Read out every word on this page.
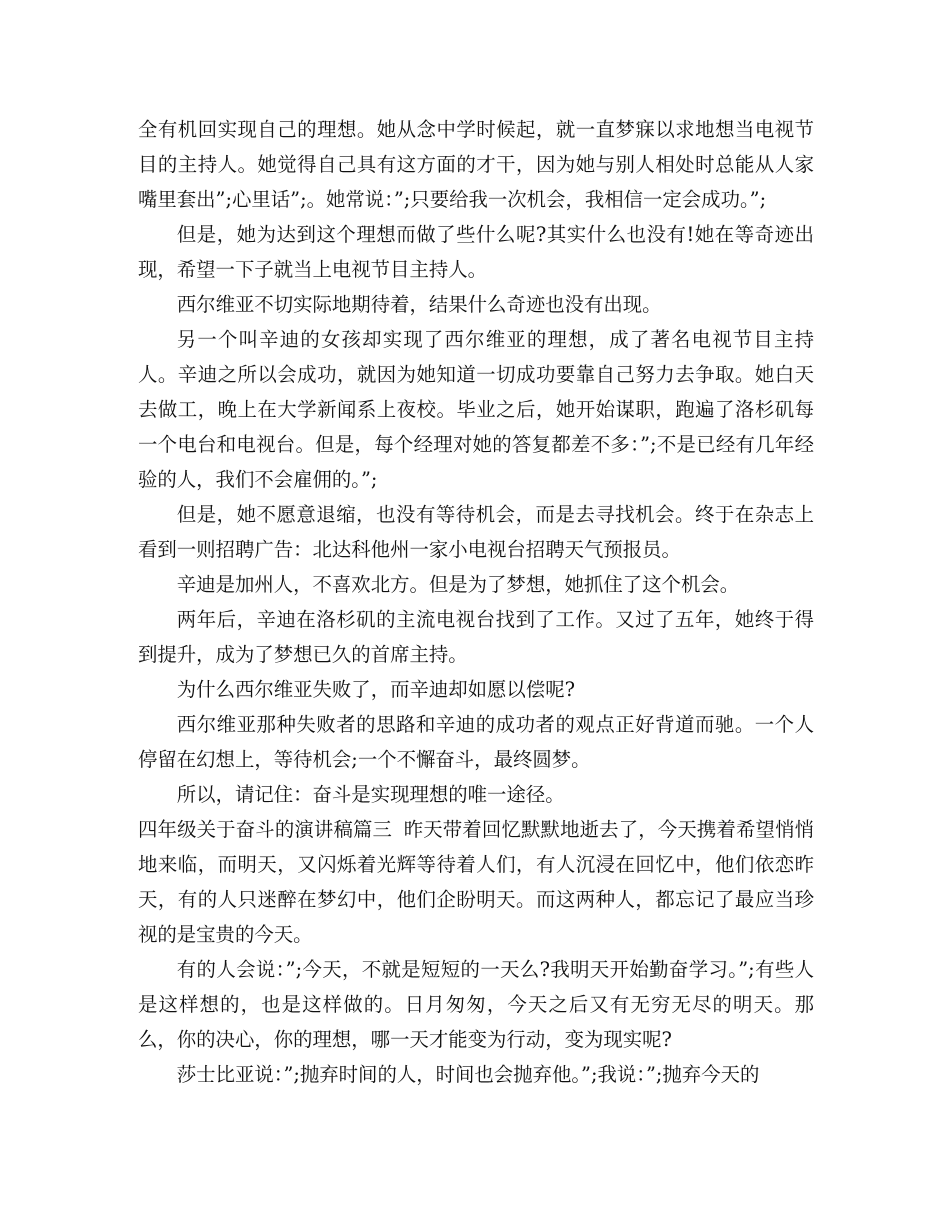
全有机回实现自己的理想。她从念中学时候起，就一直梦寐以求地想当电视节目的主持人。她觉得自己具有这方面的才干，因为她与别人相处时总能从人家嘴里套出”;心里话”;。她常说：”;只要给我一次机会，我相信一定会成功。”;

但是，她为达到这个理想而做了些什么呢?其实什么也没有!她在等奇迹出现，希望一下子就当上电视节目主持人。

西尔维亚不切实际地期待着，结果什么奇迹也没有出现。

另一个叫辛迪的女孩却实现了西尔维亚的理想，成了著名电视节目主持人。辛迪之所以会成功，就因为她知道一切成功要靠自己努力去争取。她白天去做工，晚上在大学新闻系上夜校。毕业之后，她开始谋职，跑遍了洛杉矶每一个电台和电视台。但是，每个经理对她的答复都差不多：”;不是已经有几年经验的人，我们不会雇佣的。”;

但是，她不愿意退缩，也没有等待机会，而是去寻找机会。终于在杂志上看到一则招聘广告：北达科他州一家小电视台招聘天气预报员。

辛迪是加州人，不喜欢北方。但是为了梦想，她抓住了这个机会。

两年后，辛迪在洛杉矶的主流电视台找到了工作。又过了五年，她终于得到提升，成为了梦想已久的首席主持。

为什么西尔维亚失败了，而辛迪却如愿以偿呢?

西尔维亚那种失败者的思路和辛迪的成功者的观点正好背道而驰。一个人停留在幻想上，等待机会;一个不懈奋斗，最终圆梦。

所以，请记住：奋斗是实现理想的唯一途径。

四年级关于奋斗的演讲稿篇三 昨天带着回忆默默地逝去了，今天携着希望悄悄地来临，而明天，又闪烁着光辉等待着人们，有人沉浸在回忆中，他们依恋昨天，有的人只迷醉在梦幻中，他们企盼明天。而这两种人，都忘记了最应当珍视的是宝贵的今天。

有的人会说：”;今天，不就是短短的一天么?我明天开始勤奋学习。”;有些人是这样想的，也是这样做的。日月匆匆，今天之后又有无穷无尽的明天。那么，你的决心，你的理想，哪一天才能变为行动，变为现实呢?

莎士比亚说：”;抛弃时间的人，时间也会抛弃他。”;我说：”;抛弃今天的
